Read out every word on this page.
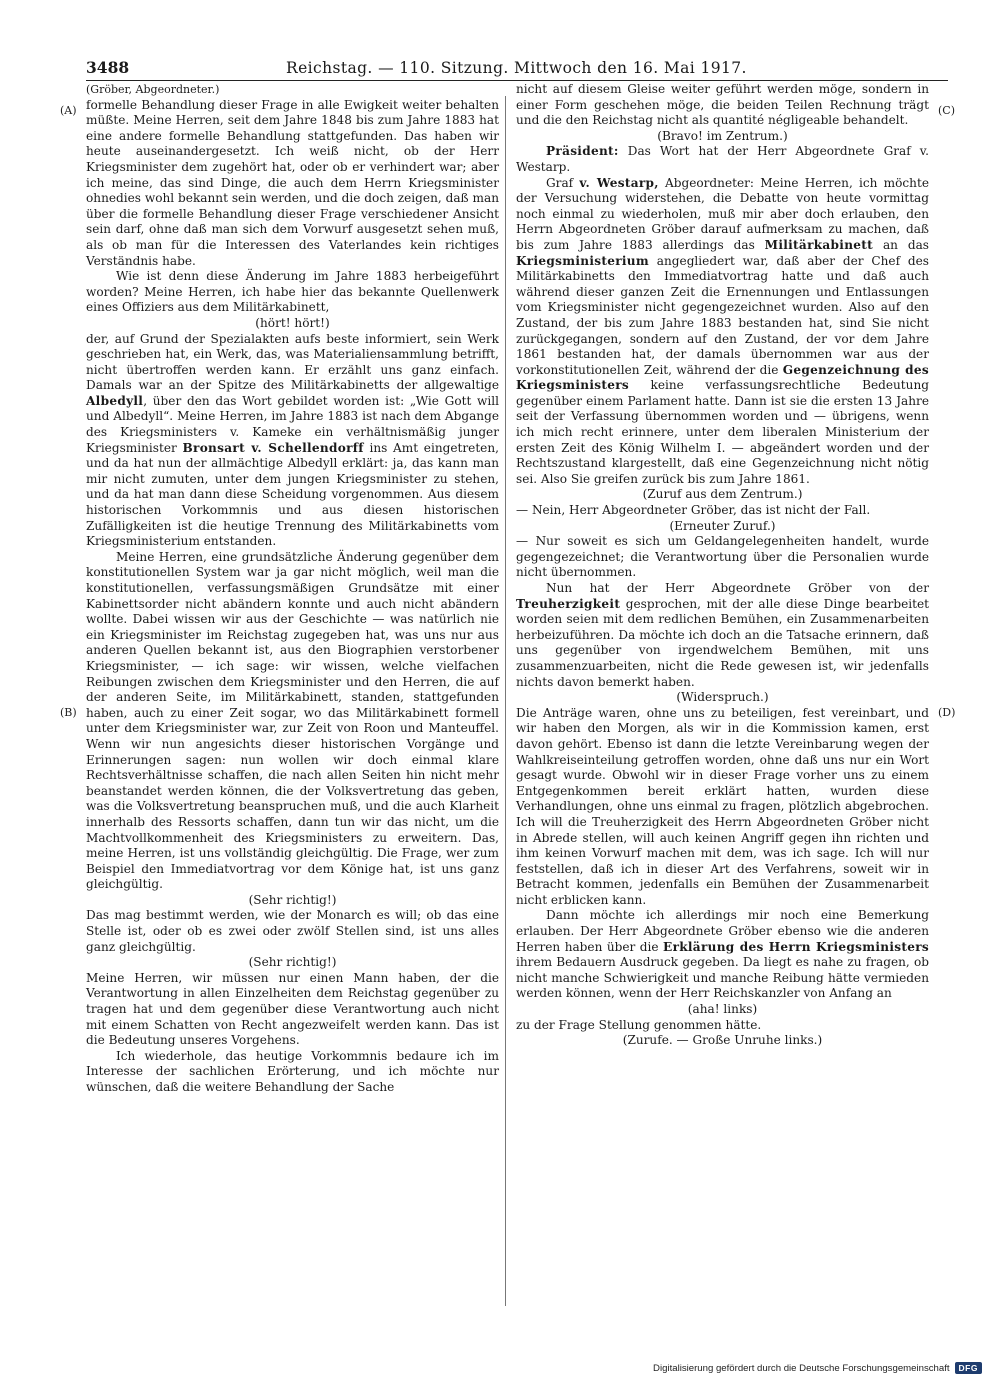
3488	Reichstag. — 110. Sitzung. Mittwoch den 16. Mai 1917.
(A)
(B)
(C)
(D)

(Gröber, Abgeordneter.)

formelle Behandlung dieser Frage in alle Ewigkeit weiter behalten müßte. Meine Herren, seit dem Jahre 1848 bis zum Jahre 1883 hat eine andere formelle Behandlung stattgefunden. Das haben wir heute auseinandergesetzt. Ich weiß nicht, ob der Herr Kriegsminister dem zugehört hat, oder ob er verhindert war; aber ich meine, das sind Dinge, die auch dem Herrn Kriegsminister ohnedies wohl bekannt sein werden, und die doch zeigen, daß man über die formelle Behandlung dieser Frage verschiedener Ansicht sein darf, ohne daß man sich dem Vorwurf ausgesetzt sehen muß, als ob man für die Interessen des Vaterlandes kein richtiges Verständnis habe.

Wie ist denn diese Änderung im Jahre 1883 herbeigeführt worden? Meine Herren, ich habe hier das bekannte Quellenwerk eines Offiziers aus dem Militärkabinett,

(hört! hört!)

der, auf Grund der Spezialakten aufs beste informiert, sein Werk geschrieben hat, ein Werk, das, was Materialiensammlung betrifft, nicht übertroffen werden kann. Er erzählt uns ganz einfach. Damals war an der Spitze des Militärkabinetts der allgewaltige Albedyll, über den das Wort gebildet worden ist: „Wie Gott will und Albedyll“. Meine Herren, im Jahre 1883 ist nach dem Abgange des Kriegsministers v. Kameke ein verhältnismäßig junger Kriegsminister Bronsart v. Schellendorff ins Amt eingetreten, und da hat nun der allmächtige Albedyll erklärt: ja, das kann man mir nicht zumuten, unter dem jungen Kriegsminister zu stehen, und da hat man dann diese Scheidung vorgenommen. Aus diesem historischen Vorkommnis und aus diesen historischen Zufälligkeiten ist die heutige Trennung des Militärkabinetts vom Kriegsministerium entstanden.

Meine Herren, eine grundsätzliche Änderung gegenüber dem konstitutionellen System war ja gar nicht möglich, weil man die konstitutionellen, verfassungsmäßigen Grundsätze mit einer Kabinettsorder nicht abändern konnte und auch nicht abändern wollte. Dabei wissen wir aus der Geschichte — was natürlich nie ein Kriegsminister im Reichstag zugegeben hat, was uns nur aus anderen Quellen bekannt ist, aus den Biographien verstorbener Kriegsminister, — ich sage: wir wissen, welche vielfachen Reibungen zwischen dem Kriegsminister und den Herren, die auf der anderen Seite, im Militärkabinett, standen, stattgefunden haben, auch zu einer Zeit sogar, wo das Militärkabinett formell unter dem Kriegsminister war, zur Zeit von Roon und Manteuffel. Wenn wir nun angesichts dieser historischen Vorgänge und Erinnerungen sagen: nun wollen wir doch einmal klare Rechtsverhältnisse schaffen, die nach allen Seiten hin nicht mehr beanstandet werden können, die der Volksvertretung das geben, was die Volksvertretung beanspruchen muß, und die auch Klarheit innerhalb des Ressorts schaffen, dann tun wir das nicht, um die Machtvollkommenheit des Kriegsministers zu erweitern. Das, meine Herren, ist uns vollständig gleichgültig. Die Frage, wer zum Beispiel den Immediatvortrag vor dem Könige hat, ist uns ganz gleichgültig.

(Sehr richtig!)

Das mag bestimmt werden, wie der Monarch es will; ob das eine Stelle ist, oder ob es zwei oder zwölf Stellen sind, ist uns alles ganz gleichgültig.

(Sehr richtig!)

Meine Herren, wir müssen nur einen Mann haben, der die Verantwortung in allen Einzelheiten dem Reichstag gegenüber zu tragen hat und dem gegenüber diese Verantwortung auch nicht mit einem Schatten von Recht angezweifelt werden kann. Das ist die Bedeutung unseres Vorgehens.

Ich wiederhole, das heutige Vorkommnis bedaure ich im Interesse der sachlichen Erörterung, und ich möchte nur wünschen, daß die weitere Behandlung der Sache

nicht auf diesem Gleise weiter geführt werden möge, sondern in einer Form geschehen möge, die beiden Teilen Rechnung trägt und die den Reichstag nicht als quantité négligeable behandelt.

(Bravo! im Zentrum.)

Präsident: Das Wort hat der Herr Abgeordnete Graf v. Westarp.

Graf v. Westarp, Abgeordneter: Meine Herren, ich möchte der Versuchung widerstehen, die Debatte von heute vormittag noch einmal zu wiederholen, muß mir aber doch erlauben, den Herrn Abgeordneten Gröber darauf aufmerksam zu machen, daß bis zum Jahre 1883 allerdings das Militärkabinett an das Kriegsministerium angegliedert war, daß aber der Chef des Militärkabinetts den Immediatvortrag hatte und daß auch während dieser ganzen Zeit die Ernennungen und Entlassungen vom Kriegsminister nicht gegengezeichnet wurden. Also auf den Zustand, der bis zum Jahre 1883 bestanden hat, sind Sie nicht zurückgegangen, sondern auf den Zustand, der vor dem Jahre 1861 bestanden hat, der damals übernommen war aus der vorkonstitutionellen Zeit, während der die Gegenzeichnung des Kriegsministers keine verfassungsrechtliche Bedeutung gegenüber einem Parlament hatte. Dann ist sie die ersten 13 Jahre seit der Verfassung übernommen worden und — übrigens, wenn ich mich recht erinnere, unter dem liberalen Ministerium der ersten Zeit des König Wilhelm I. — abgeändert worden und der Rechtszustand klargestellt, daß eine Gegenzeichnung nicht nötig sei. Also Sie greifen zurück bis zum Jahre 1861.

(Zuruf aus dem Zentrum.)

— Nein, Herr Abgeordneter Gröber, das ist nicht der Fall.

(Erneuter Zuruf.)

— Nur soweit es sich um Geldangelegenheiten handelt, wurde gegengezeichnet; die Verantwortung über die Personalien wurde nicht übernommen.

Nun hat der Herr Abgeordnete Gröber von der Treuherzigkeit gesprochen, mit der alle diese Dinge bearbeitet worden seien mit dem redlichen Bemühen, ein Zusammenarbeiten herbeizuführen. Da möchte ich doch an die Tatsache erinnern, daß uns gegenüber von irgendwelchem Bemühen, mit uns zusammenzuarbeiten, nicht die Rede gewesen ist, wir jedenfalls nichts davon bemerkt haben.

(Widerspruch.)

Die Anträge waren, ohne uns zu beteiligen, fest vereinbart, und wir haben den Morgen, als wir in die Kommission kamen, erst davon gehört. Ebenso ist dann die letzte Vereinbarung wegen der Wahlkreiseinteilung getroffen worden, ohne daß uns nur ein Wort gesagt wurde. Obwohl wir in dieser Frage vorher uns zu einem Entgegenkommen bereit erklärt hatten, wurden diese Verhandlungen, ohne uns einmal zu fragen, plötzlich abgebrochen. Ich will die Treuherzigkeit des Herrn Abgeordneten Gröber nicht in Abrede stellen, will auch keinen Angriff gegen ihn richten und ihm keinen Vorwurf machen mit dem, was ich sage. Ich will nur feststellen, daß ich in dieser Art des Verfahrens, soweit wir in Betracht kommen, jedenfalls ein Bemühen der Zusammenarbeit nicht erblicken kann.

Dann möchte ich allerdings mir noch eine Bemerkung erlauben. Der Herr Abgeordnete Gröber ebenso wie die anderen Herren haben über die Erklärung des Herrn Kriegsministers ihrem Bedauern Ausdruck gegeben. Da liegt es nahe zu fragen, ob nicht manche Schwierigkeit und manche Reibung hätte vermieden werden können, wenn der Herr Reichskanzler von Anfang an

(aha! links)

zu der Frage Stellung genommen hätte.

(Zurufe. — Große Unruhe links.)

Digitalisierung gefördert durch die Deutsche Forschungsgemeinschaft	DFG
